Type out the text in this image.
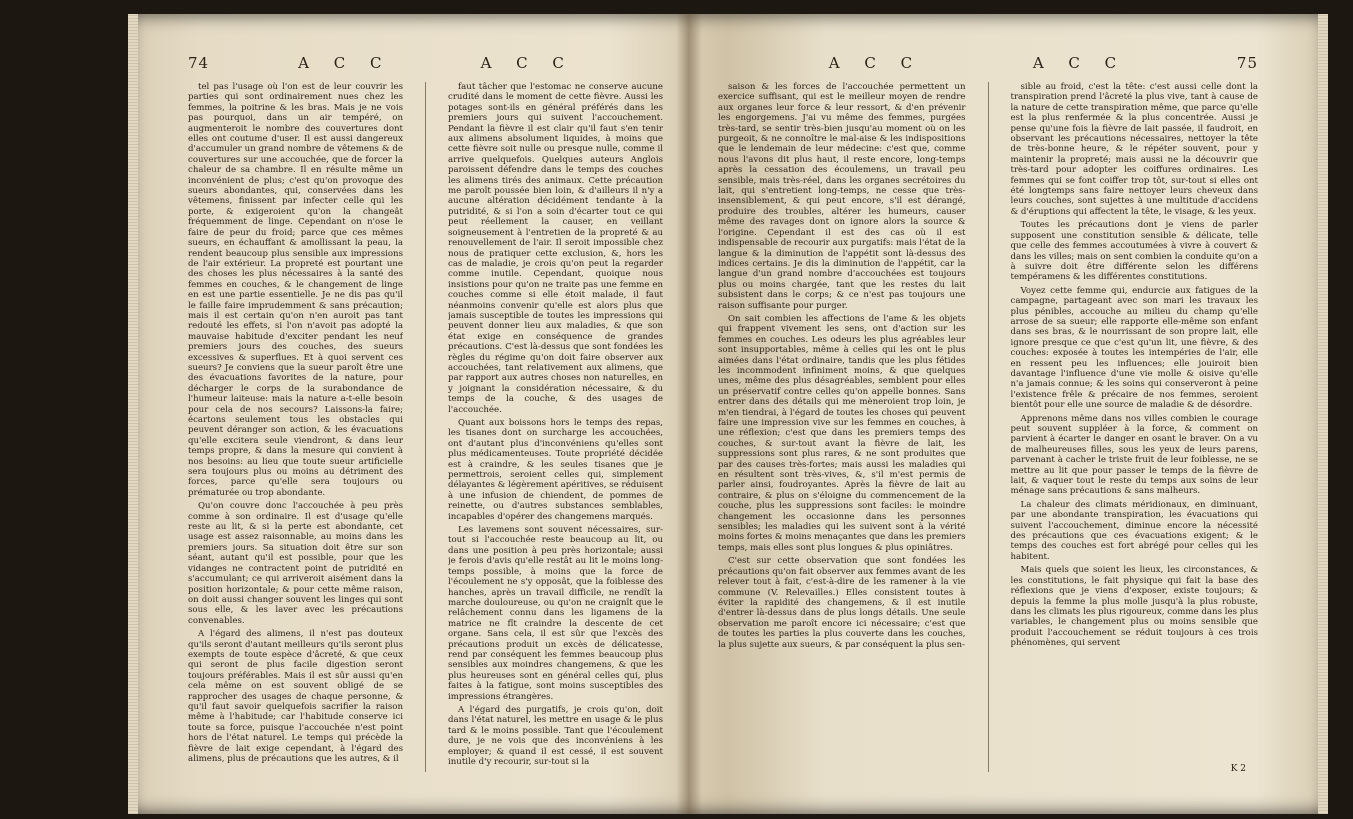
74	A C C	A C C

tel pas l'usage où l'on est de leur couvrir les parties qui sont ordinairement nues chez les femmes, la poitrine & les bras. Mais je ne vois pas pourquoi, dans un air tempéré, on augmenteroit le nombre des couvertures dont elles ont coutume d'user. Il est aussi dangereux d'accumuler un grand nombre de vêtemens & de couvertures sur une accouchée, que de forcer la chaleur de sa chambre. Il en résulte même un inconvénient de plus; c'est qu'on provoque des sueurs abondantes, qui, conservées dans les vêtemens, finissent par infecter celle qui les porte, & exigeroient qu'on la changeât fréquemment de linge. Cependant on n'ose le faire de peur du froid; parce que ces mêmes sueurs, en échauffant & amollissant la peau, la rendent beaucoup plus sensible aux impressions de l'air extérieur. La propreté est pourtant une des choses les plus nécessaires à la santé des femmes en couches, & le changement de linge en est une partie essentielle. Je ne dis pas qu'il le faille faire imprudemment & sans précaution; mais il est certain qu'on n'en auroit pas tant redouté les effets, si l'on n'avoit pas adopté la mauvaise habitude d'exciter pendant les neuf premiers jours des couches, des sueurs excessives & superflues. Et à quoi servent ces sueurs? Je conviens que la sueur paroît être une des évacuations favorites de la nature, pour décharger le corps de la surabondance de l'humeur laiteuse: mais la nature a-t-elle besoin pour cela de nos secours? Laissons-la faire; écartons seulement tous les obstacles qui peuvent déranger son action, & les évacuations qu'elle excitera seule viendront, & dans leur temps propre, & dans la mesure qui convient à nos besoins: au lieu que toute sueur artificielle sera toujours plus ou moins au détriment des forces, parce qu'elle sera toujours ou prématurée ou trop abondante.

Qu'on couvre donc l'accouchée à peu près comme à son ordinaire. Il est d'usage qu'elle reste au lit, & si la perte est abondante, cet usage est assez raisonnable, au moins dans les premiers jours. Sa situation doit être sur son séant, autant qu'il est possible, pour que les vidanges ne contractent point de putridité en s'accumulant; ce qui arriveroit aisément dans la position horizontale; & pour cette même raison, on doit aussi changer souvent les linges qui sont sous elle, & les laver avec les précautions convenables.

A l'égard des alimens, il n'est pas douteux qu'ils seront d'autant meilleurs qu'ils seront plus exempts de toute espèce d'âcreté, & que ceux qui seront de plus facile digestion seront toujours préférables. Mais il est sûr aussi qu'en cela même on est souvent obligé de se rapprocher des usages de chaque personne, & qu'il faut savoir quelquefois sacrifier la raison même à l'habitude; car l'habitude conserve ici toute sa force, puisque l'accouchée n'est point hors de l'état naturel. Le temps qui précède la fièvre de lait exige cependant, à l'égard des alimens, plus de précautions que les autres, & il

faut tâcher que l'estomac ne conserve aucune crudité dans le moment de cette fièvre. Aussi les potages sont-ils en général préférés dans les premiers jours qui suivent l'accouchement. Pendant la fièvre il est clair qu'il faut s'en tenir aux alimens absolument liquides, à moins que cette fièvre soit nulle ou presque nulle, comme il arrive quelquefois. Quelques auteurs Anglois paroissent défendre dans le temps des couches les alimens tirés des animaux. Cette précaution me paroît poussée bien loin, & d'ailleurs il n'y a aucune altération décidément tendante à la putridité, & si l'on a soin d'écarter tout ce qui peut réellement la causer, en veillant soigneusement à l'entretien de la propreté & au renouvellement de l'air. Il seroit impossible chez nous de pratiquer cette exclusion, &, hors les cas de maladie, je crois qu'on peut la regarder comme inutile. Cependant, quoique nous insistions pour qu'on ne traite pas une femme en couches comme si elle étoit malade, il faut néanmoins convenir qu'elle est alors plus que jamais susceptible de toutes les impressions qui peuvent donner lieu aux maladies, & que son état exige en conséquence de grandes précautions. C'est là-dessus que sont fondées les règles du régime qu'on doit faire observer aux accouchées, tant relativement aux alimens, que par rapport aux autres choses non naturelles, en y joignant la considération nécessaire, & du temps de la couche, & des usages de l'accouchée.

Quant aux boissons hors le temps des repas, les tisanes dont on surcharge les accouchées, ont d'autant plus d'inconvéniens qu'elles sont plus médicamenteuses. Toute propriété décidée est à craindre, & les seules tisanes que je permettrois, seroient celles qui, simplement délayantes & légèrement apéritives, se réduisent à une infusion de chiendent, de pommes de reinette, ou d'autres substances semblables, incapables d'opérer des changemens marqués.

Les lavemens sont souvent nécessaires, sur-tout si l'accouchée reste beaucoup au lit, ou dans une position à peu près horizontale; aussi je ferois d'avis qu'elle restât au lit le moins long-temps possible, à moins que la force de l'écoulement ne s'y opposât, que la foiblesse des hanches, après un travail difficile, ne rendît la marche douloureuse, ou qu'on ne craignît que le relâchement connu dans les ligamens de la matrice ne fît craindre la descente de cet organe. Sans cela, il est sûr que l'excès des précautions produit un excès de délicatesse, rend par conséquent les femmes beaucoup plus sensibles aux moindres changemens, & que les plus heureuses sont en général celles qui, plus faites à la fatigue, sont moins susceptibles des impressions étrangères.

A l'égard des purgatifs, je crois qu'on, doit dans l'état naturel, les mettre en usage & le plus tard & le moins possible. Tant que l'écoulement dure, je ne vois que des inconvéniens à les employer; & quand il est cessé, il est souvent inutile d'y recourir, sur-tout si la

A C C	A C C	75

saison & les forces de l'accouchée permettent un exercice suffisant, qui est le meilleur moyen de rendre aux organes leur force & leur ressort, & d'en prévenir les engorgemens. J'ai vu même des femmes, purgées très-tard, se sentir très-bien jusqu'au moment où on les purgeoit, & ne connoître le mal-aise & les indispositions que le lendemain de leur médecine: c'est que, comme nous l'avons dit plus haut, il reste encore, long-temps après la cessation des écoulemens, un travail peu sensible, mais très-réel, dans les organes secrétoires du lait, qui s'entretient long-temps, ne cesse que très-insensiblement, & qui peut encore, s'il est dérangé, produire des troubles, altérer les humeurs, causer même des ravages dont on ignore alors la source & l'origine. Cependant il est des cas où il est indispensable de recourir aux purgatifs: mais l'état de la langue & la diminution de l'appétit sont là-dessus des indices certains. Je dis la diminution de l'appétit, car la langue d'un grand nombre d'accouchées est toujours plus ou moins chargée, tant que les restes du lait subsistent dans le corps; & ce n'est pas toujours une raison suffisante pour purger.

On sait combien les affections de l'ame & les objets qui frappent vivement les sens, ont d'action sur les femmes en couches. Les odeurs les plus agréables leur sont insupportables, même à celles qui les ont le plus aimées dans l'état ordinaire, tandis que les plus fétides les incommodent infiniment moins, & que quelques unes, même des plus désagréables, semblent pour elles un préservatif contre celles qu'on appelle bonnes. Sans entrer dans des détails qui me mèneroient trop loin, je m'en tiendrai, à l'égard de toutes les choses qui peuvent faire une impression vive sur les femmes en couches, à une réflexion; c'est que dans les premiers temps des couches, & sur-tout avant la fièvre de lait, les suppressions sont plus rares, & ne sont produites que par des causes très-fortes; mais aussi les maladies qui en résultent sont très-vives, &, s'il m'est permis de parler ainsi, foudroyantes. Après la fièvre de lait au contraire, & plus on s'éloigne du commencement de la couche, plus les suppressions sont faciles: le moindre changement les occasionne dans les personnes sensibles; les maladies qui les suivent sont à la vérité moins fortes & moins menaçantes que dans les premiers temps, mais elles sont plus longues & plus opiniâtres.

C'est sur cette observation que sont fondées les précautions qu'on fait observer aux femmes avant de les relever tout à fait, c'est-à-dire de les ramener à la vie commune (V. Relevailles.) Elles consistent toutes à éviter la rapidité des changemens, & il est inutile d'entrer là-dessus dans de plus longs détails. Une seule observation me paroît encore ici nécessaire; c'est que de toutes les parties la plus couverte dans les couches, la plus sujette aux sueurs, & par conséquent la plus sen-

sible au froid, c'est la tête: c'est aussi celle dont la transpiration prend l'âcreté la plus vive, tant à cause de la nature de cette transpiration même, que parce qu'elle est la plus renfermée & la plus concentrée. Aussi je pense qu'une fois la fièvre de lait passée, il faudroit, en observant les précautions nécessaires, nettoyer la tête de très-bonne heure, & le répéter souvent, pour y maintenir la propreté; mais aussi ne la découvrir que très-tard pour adopter les coiffures ordinaires. Les femmes qui se font coiffer trop tôt, sur-tout si elles ont été longtemps sans faire nettoyer leurs cheveux dans leurs couches, sont sujettes à une multitude d'accidens & d'éruptions qui affectent la tête, le visage, & les yeux.

Toutes les précautions dont je viens de parler supposent une constitution sensible & délicate, telle que celle des femmes accoutumées à vivre à couvert & dans les villes; mais on sent combien la conduite qu'on a à suivre doit être différente selon les différens tempéramens & les différentes constitutions.

Voyez cette femme qui, endurcie aux fatigues de la campagne, partageant avec son mari les travaux les plus pénibles, accouche au milieu du champ qu'elle arrose de sa sueur; elle rapporte elle-même son enfant dans ses bras, & le nourrissant de son propre lait, elle ignore presque ce que c'est qu'un lit, une fièvre, & des couches: exposée à toutes les intempéries de l'air, elle en ressent peu les influences; elle jouiroit bien davantage l'influence d'une vie molle & oisive qu'elle n'a jamais connue; & les soins qui conserveront à peine l'existence frêle & précaire de nos femmes, seroient bientôt pour elle une source de maladie & de désordre.

Apprenons même dans nos villes combien le courage peut souvent suppléer à la force, & comment on parvient à écarter le danger en osant le braver. On a vu de malheureuses filles, sous les yeux de leurs parens, parvenant à cacher le triste fruit de leur foiblesse, ne se mettre au lit que pour passer le temps de la fièvre de lait, & vaquer tout le reste du temps aux soins de leur ménage sans précautions & sans malheurs.

La chaleur des climats méridionaux, en diminuant, par une abondante transpiration, les évacuations qui suivent l'accouchement, diminue encore la nécessité des précautions que ces évacuations exigent; & le temps des couches est fort abrégé pour celles qui les habitent.

Mais quels que soient les lieux, les circonstances, & les constitutions, le fait physique qui fait la base des réflexions que je viens d'exposer, existe toujours; & depuis la femme la plus molle jusqu'à la plus robuste, dans les climats les plus rigoureux, comme dans les plus variables, le changement plus ou moins sensible que produit l'accouchement se réduit toujours à ces trois phénomènes, qui servent

K 2
